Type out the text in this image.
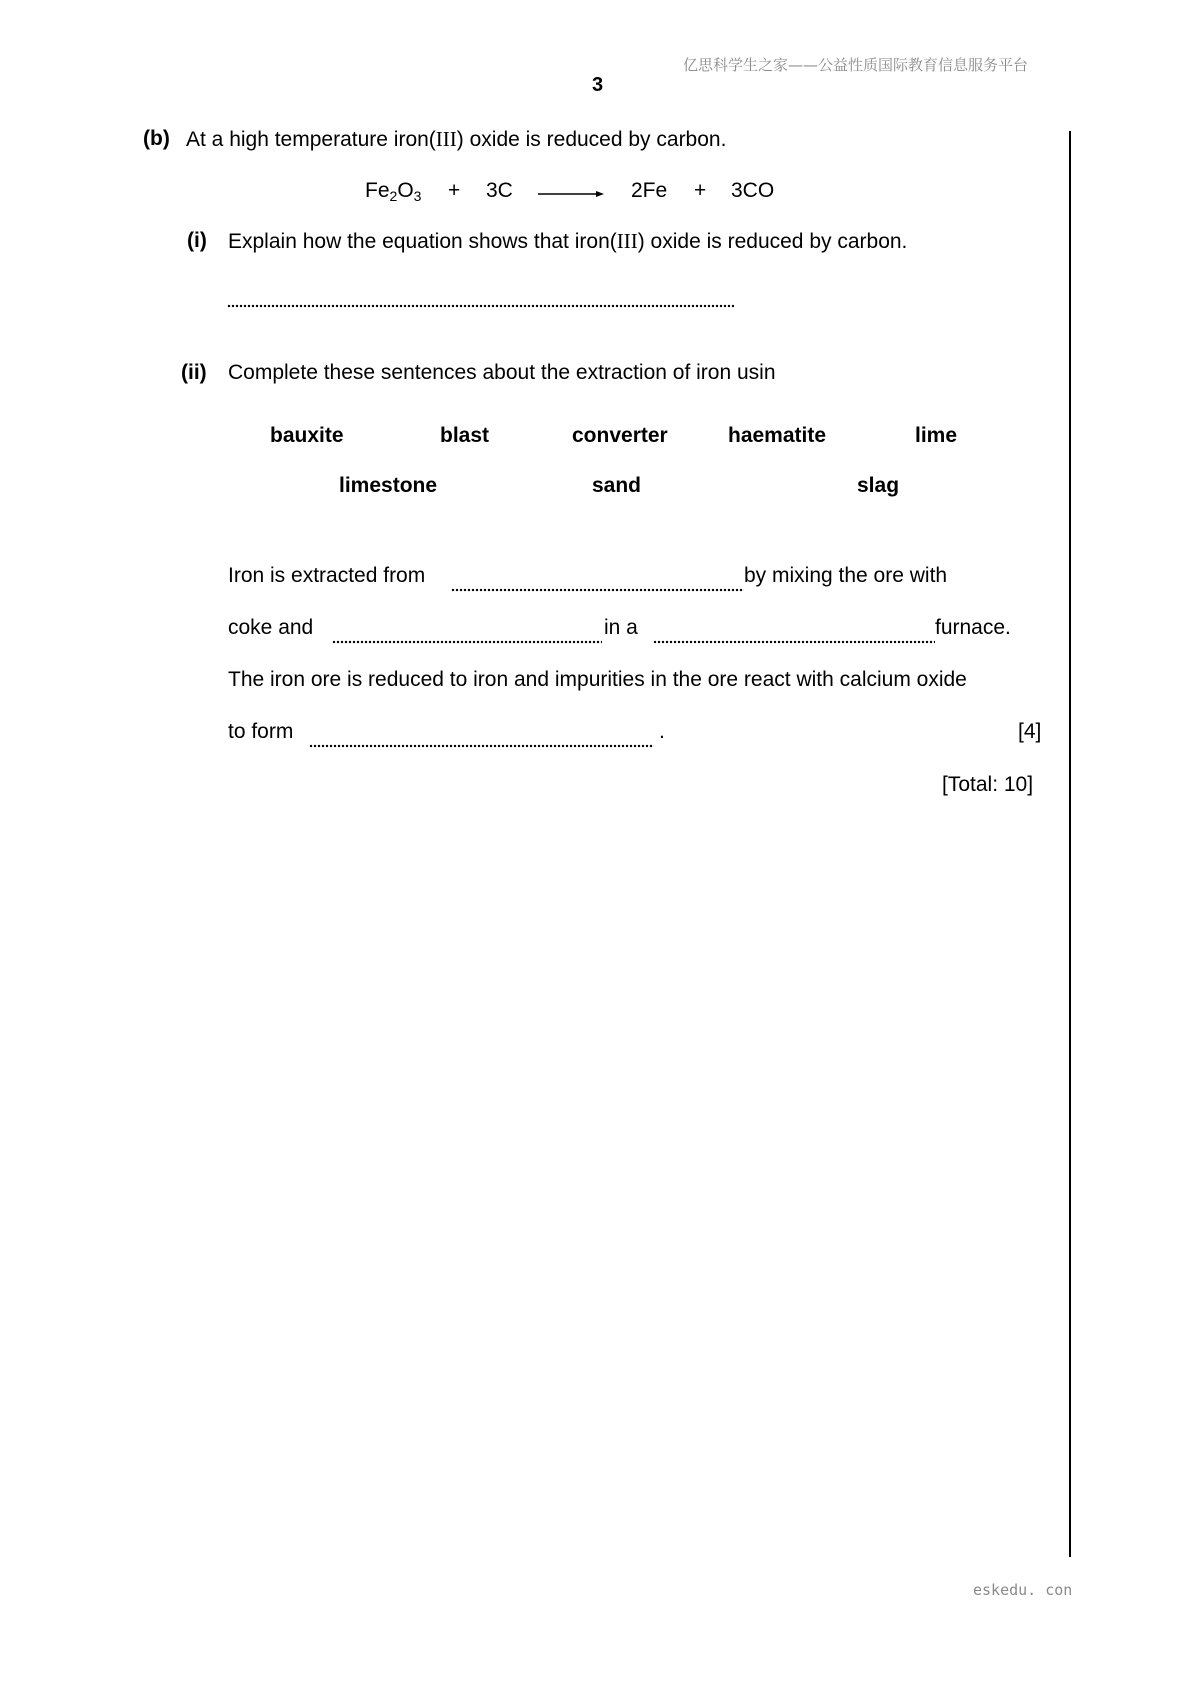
亿思科学生之家——公益性质国际教育信息服务平台
3
(b) At a high temperature iron(III) oxide is reduced by carbon.
$Fe_2O_3 + 3C$	2Fe + 3CO
(i) Explain how the equation shows that iron(III) oxide is reduced by carbon.
(ii) Complete these sentences about the extraction of iron usin
bauxite	blast	converter	haematite	lime
limestone	sand	slag
Iron is extracted from	by mixing the ore with
coke and	in a	furnace.
The iron ore is reduced to iron and impurities in the ore react with calcium oxide
to form	.	[4]
[Total: 10]
eskedu. con
